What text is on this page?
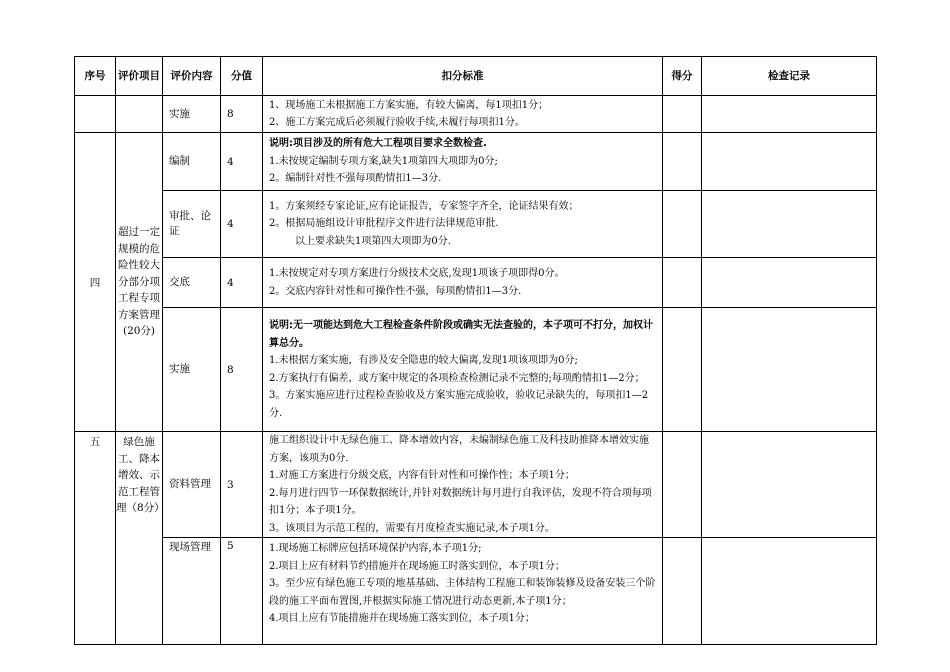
序号	评价项目	评价内容	分值	扣分标准	得分	检查记录
		实施	8	1、现场施工未根据施工方案实施，有较大偏离，每1项扣1分；

2、施工方案完成后必须履行验收手续,未履行每项扣1分。		

四	超过一定规模的危险性较大分部分项工程专项方案管理(20分)	编制	4	说明:项目涉及的所有危大工程项目要求全数检查.

1.未按规定编制专项方案,缺失1项第四大项即为0分;

2。编制针对性不强每项酌情扣1—3分.		

		审批、论证	4	1。方案须经专家论证,应有论证报告，专家签字齐全，论证结果有效；

2。根据局施组设计审批程序文件进行法律规范审批.

以上要求缺失1项第四大项即为0分.		

		交底	4	1.未按规定对专项方案进行分级技术交底,发现1项该子项即得0分。

2。交底内容针对性和可操作性不强，每项酌情扣1—3分.		

		实施	8	说明:无一项能达到危大工程检查条件阶段或确实无法查验的，本子项可不打分，加权计算总分。

1.未根据方案实施，有涉及安全隐患的较大偏离,发现1项该项即为0分;

2.方案执行有偏差，或方案中规定的各项检查检测记录不完整的;每项酌情扣1—2分；

3。方案实施应进行过程检查验收及方案实施完成验收，验收记录缺失的，每项扣1—2分.		

五	绿色施工、降本增效、示范工程管理（8分）	资料管理	3	施工组织设计中无绿色施工、降本增效内容，未编制绿色施工及科技助推降本增效实施方案，该项为0分.

1.对施工方案进行分级交底，内容有针对性和可操作性；本子项1分；

2.每月进行四节一环保数据统计,并针对数据统计每月进行自我评估，发现不符合项每项扣1分；本子项1分。

3。该项目为示范工程的，需要有月度检查实施记录,本子项1分。		

		现场管理	5	1.现场施工标牌应包括环境保护内容,本子项1分;

2.项目上应有材料节约措施并在现场施工时落实到位，本子项1分；

3。至少应有绿色施工专项的地基基础、主体结构工程施工和装饰装修及设备安装三个阶段的施工平面布置图,并根据实际施工情况进行动态更新,本子项1分；

4.项目上应有节能措施并在现场施工落实到位，本子项1分；		
